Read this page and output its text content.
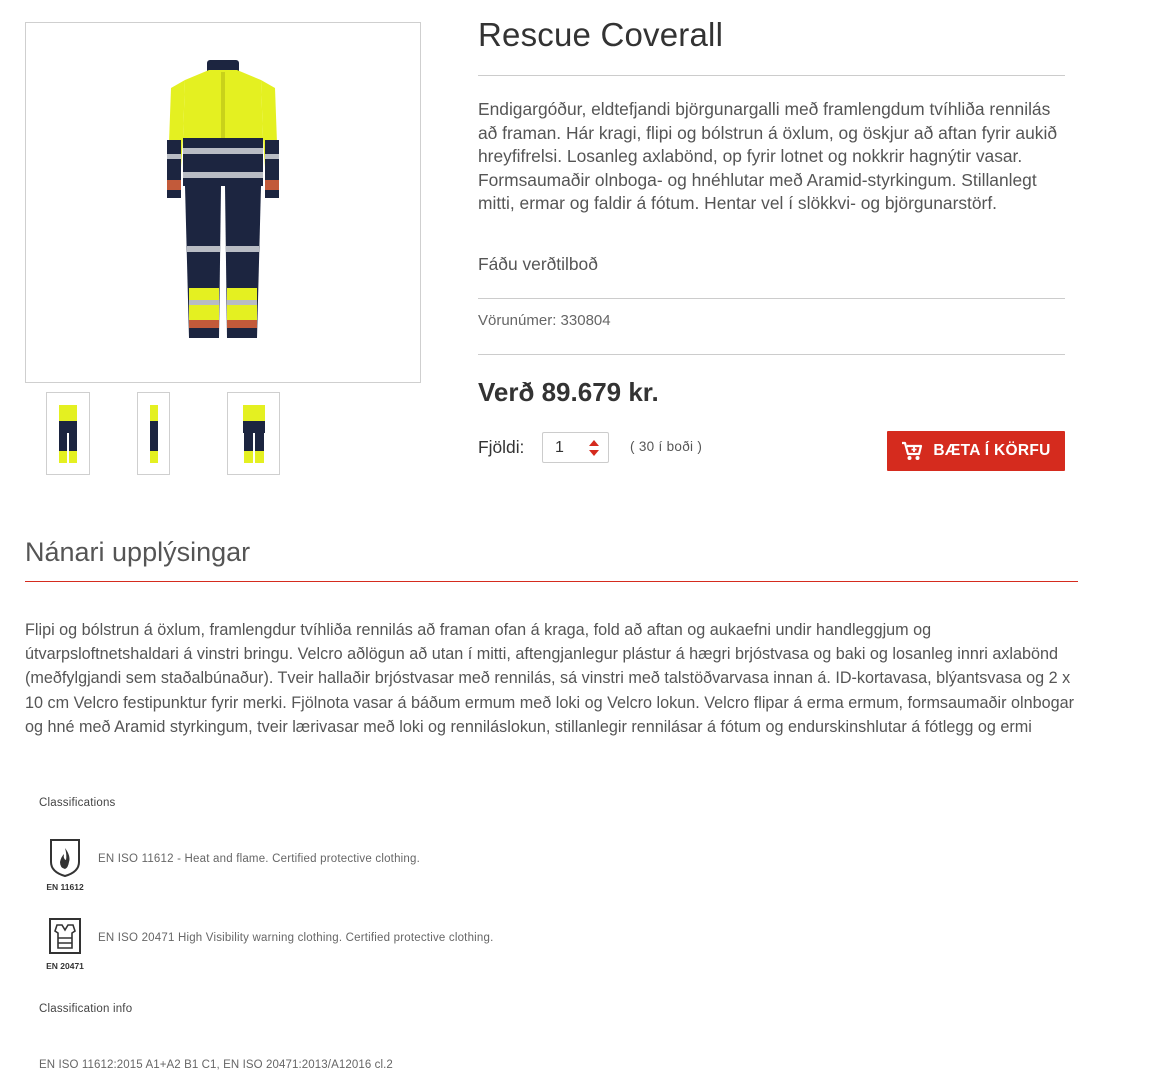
Rescue Coverall

Endigargóður, eldtefjandi björgunargalli með framlengdum tvíhliða rennilás að framan. Hár kragi, flipi og bólstrun á öxlum, og öskjur að aftan fyrir aukið hreyfifrelsi. Losanleg axlabönd, op fyrir lotnet og nokkrir hagnýtir vasar. Formsaumaðir olnboga- og hnéhlutar með Aramid-styrkingum. Stillanlegt mitti, ermar og faldir á fótum. Hentar vel í slökkvi- og björgunarstörf.

Fáðu verðtilboð
Vörunúmer: 330804
Verð 89.679 kr.
Fjöldi: 1	( 30 í boði )	BÆTA Í KÖRFU
Nánari upplýsingar

Flipi og bólstrun á öxlum, framlengdur tvíhliða rennilás að framan ofan á kraga, fold að aftan og aukaefni undir handleggjum og útvarpsloftnetshaldari á vinstri bringu. Velcro aðlögun að utan í mitti, aftengjanlegur plástur á hægri brjóstvasa og baki og losanleg innri axlabönd (meðfylgjandi sem staðalbúnaður). Tveir hallaðir brjóstvasar með rennilás, sá vinstri með talstöðvarvasa innan á. ID-kortavasa, blýantsvasa og 2 x 10 cm Velcro festipunktur fyrir merki. Fjölnota vasar á báðum ermum með loki og Velcro lokun. Velcro flipar á erma ermum, formsaumaðir olnbogar og hné með Aramid styrkingum, tveir lærivasar með loki og renniláslokun, stillanlegir rennilásar á fótum og endurskinshlutar á fótlegg og ermi

Classifications
EN 11612
EN ISO 11612 - Heat and flame. Certified protective clothing.
EN 20471
EN ISO 20471 High Visibility warning clothing. Certified protective clothing.
Classification info
EN ISO 11612:2015 A1+A2 B1 C1, EN ISO 20471:2013/A12016 cl.2
